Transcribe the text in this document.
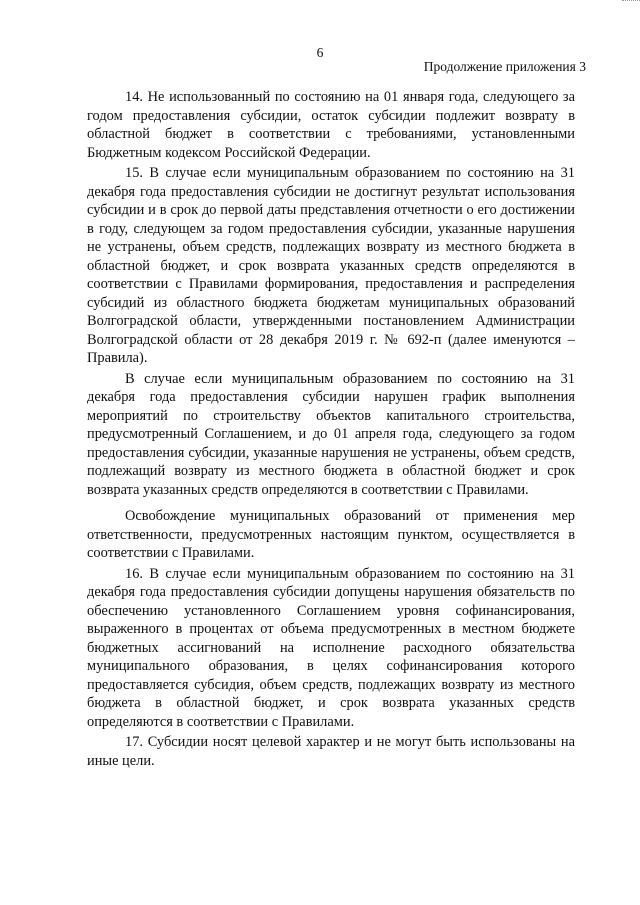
6
Продолжение приложения 3

14. Не использованный по состоянию на 01 января года, следующего за годом предоставления субсидии, остаток субсидии подлежит возврату в областной бюджет в соответствии с требованиями, установленными Бюджетным кодексом Российской Федерации.

15. В случае если муниципальным образованием по состоянию на 31 декабря года предоставления субсидии не достигнут результат использования субсидии и в срок до первой даты представления отчетности о его достижении в году, следующем за годом предоставления субсидии, указанные нарушения не устранены, объем средств, подлежащих возврату из местного бюджета в областной бюджет, и срок возврата указанных средств определяются в соответствии с Правилами формирования, предоставления и распределения субсидий из областного бюджета бюджетам муниципальных образований Волгоградской области, утвержденными постановлением Администрации Волгоградской области от 28 декабря 2019 г. № 692-п (далее именуются – Правила).

В случае если муниципальным образованием по состоянию на 31 декабря года предоставления субсидии нарушен график выполнения мероприятий по строительству объектов капитального строительства, предусмотренный Соглашением, и до 01 апреля года, следующего за годом предоставления субсидии, указанные нарушения не устранены, объем средств, подлежащий возврату из местного бюджета в областной бюджет и срок возврата указанных средств определяются в соответствии с Правилами.

Освобождение муниципальных образований от применения мер ответственности, предусмотренных настоящим пунктом, осуществляется в соответствии с Правилами.

16. В случае если муниципальным образованием по состоянию на 31 декабря года предоставления субсидии допущены нарушения обязательств по обеспечению установленного Соглашением уровня софинансирования, выраженного в процентах от объема предусмотренных в местном бюджете бюджетных ассигнований на исполнение расходного обязательства муниципального образования, в целях софинансирования которого предоставляется субсидия, объем средств, подлежащих возврату из местного бюджета в областной бюджет, и срок возврата указанных средств определяются в соответствии с Правилами.

17. Субсидии носят целевой характер и не могут быть использованы на иные цели.
